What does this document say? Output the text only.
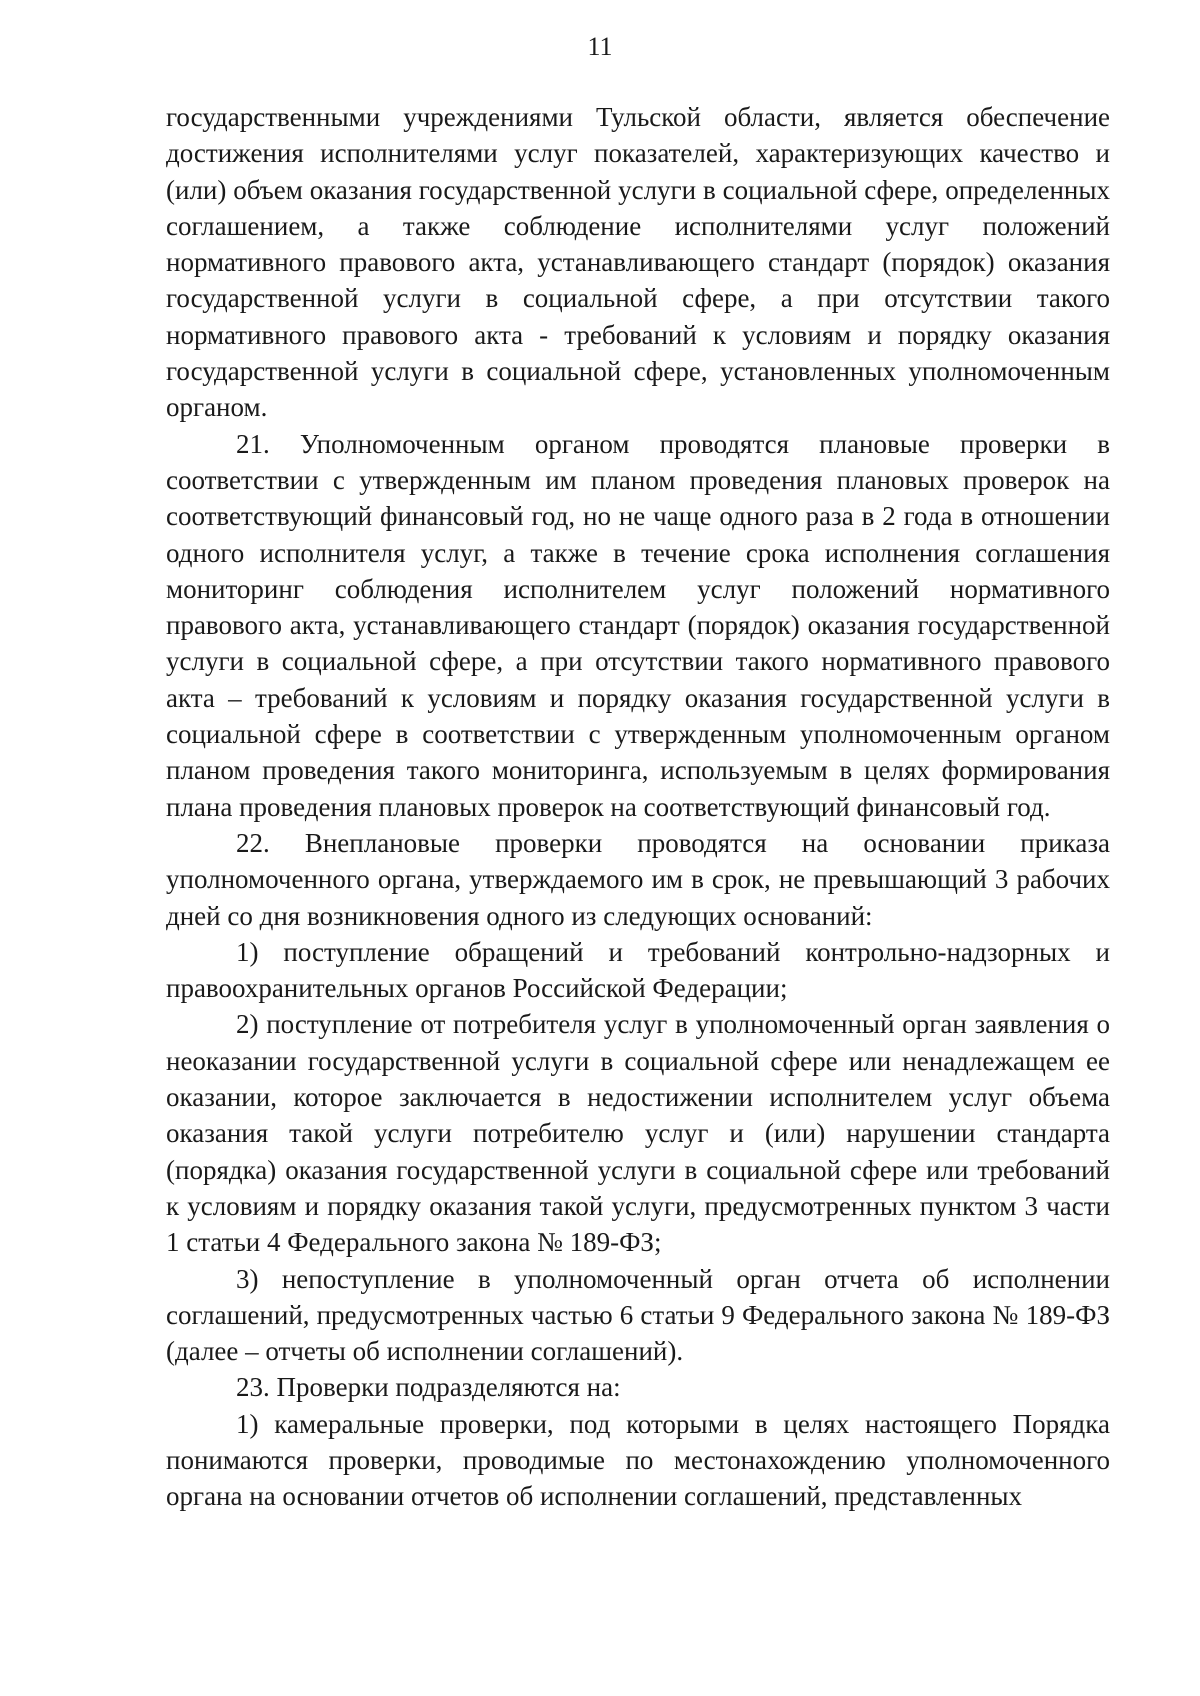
11

государственными учреждениями Тульской области, является обеспечение достижения исполнителями услуг показателей, характеризующих качество и (или) объем оказания государственной услуги в социальной сфере, определенных соглашением, а также соблюдение исполнителями услуг положений нормативного правового акта, устанавливающего стандарт (порядок) оказания государственной услуги в социальной сфере, а при отсутствии такого нормативного правового акта - требований к условиям и порядку оказания государственной услуги в социальной сфере, установленных уполномоченным органом.

21. Уполномоченным органом проводятся плановые проверки в соответствии с утвержденным им планом проведения плановых проверок на соответствующий финансовый год, но не чаще одного раза в 2 года в отношении одного исполнителя услуг, а также в течение срока исполнения соглашения мониторинг соблюдения исполнителем услуг положений нормативного правового акта, устанавливающего стандарт (порядок) оказания государственной услуги в социальной сфере, а при отсутствии такого нормативного правового акта – требований к условиям и порядку оказания государственной услуги в социальной сфере в соответствии с утвержденным уполномоченным органом планом проведения такого мониторинга, используемым в целях формирования плана проведения плановых проверок на соответствующий финансовый год.

22. Внеплановые проверки проводятся на основании приказа уполномоченного органа, утверждаемого им в срок, не превышающий 3 рабочих дней со дня возникновения одного из следующих оснований:

1) поступление обращений и требований контрольно-надзорных и правоохранительных органов Российской Федерации;

2) поступление от потребителя услуг в уполномоченный орган заявления о неоказании государственной услуги в социальной сфере или ненадлежащем ее оказании, которое заключается в недостижении исполнителем услуг объема оказания такой услуги потребителю услуг и (или) нарушении стандарта (порядка) оказания государственной услуги в социальной сфере или требований к условиям и порядку оказания такой услуги, предусмотренных пунктом 3 части 1 статьи 4 Федерального закона № 189-ФЗ;

3) непоступление в уполномоченный орган отчета об исполнении соглашений, предусмотренных частью 6 статьи 9 Федерального закона № 189-ФЗ (далее – отчеты об исполнении соглашений).

23. Проверки подразделяются на:

1) камеральные проверки, под которыми в целях настоящего Порядка понимаются проверки, проводимые по местонахождению уполномоченного органа на основании отчетов об исполнении соглашений, представленных
